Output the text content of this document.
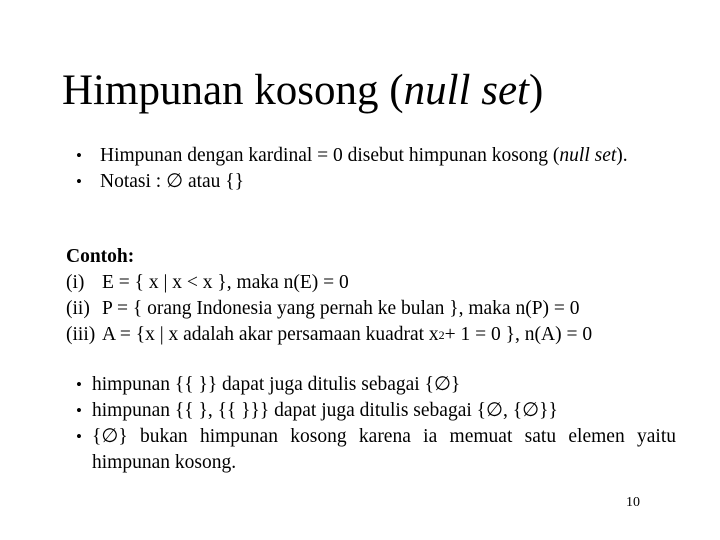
Himpunan kosong (null set)
• Himpunan dengan kardinal = 0 disebut himpunan kosong (null set).
• Notasi : ∅ atau {}
Contoh:
(i) E = { x | x < x }, maka n(E) = 0
(ii) P = { orang Indonesia yang pernah ke bulan }, maka n(P) = 0
(iii) A = {x | x adalah akar persamaan kuadrat x 2 + 1 = 0 }, n(A) = 0
• himpunan {{ }} dapat juga ditulis sebagai {∅}
• himpunan {{ }, {{ }}} dapat juga ditulis sebagai {∅, {∅}}
• {∅} bukan himpunan kosong karena ia memuat satu elemen yaitu himpunan kosong.
10
